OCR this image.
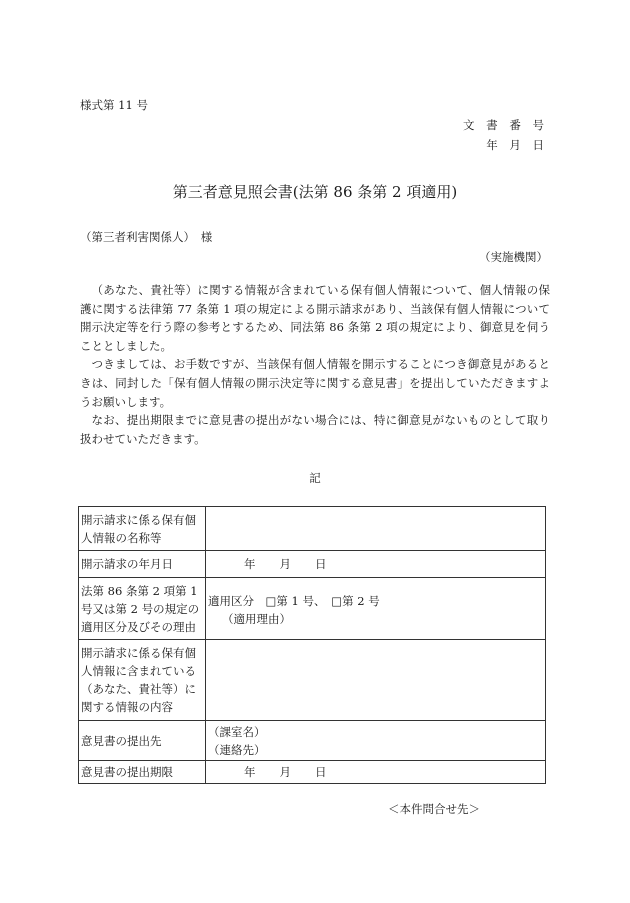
様式第 11 号
文 書 番 号
年 月 日
第三者意見照会書(法第 86 条第 2 項適用)
（第三者利害関係人）　様
（実施機関）

（あなた、貴社等）に関する情報が含まれている保有個人情報について、個人情報の保護に関する法律第 77 条第 1 項の規定による開示請求があり、当該保有個人情報について開示決定等を行う際の参考とするため、同法第 86 条第 2 項の規定により、御意見を伺うこととしました。

つきましては、お手数ですが、当該保有個人情報を開示することにつき御意見があるときは、同封した「保有個人情報の開示決定等に関する意見書」を提出していただきますようお願いします。

なお、提出期限までに意見書の提出がない場合には、特に御意見がないものとして取り扱わせていただきます。

記
開示請求に係る保有個人情報の名称等	
開示請求の年月日	年 月 日
法第 86 条第 2 項第 1 号又は第 2 号の規定の適用区分及びその理由	適用区分　□第 1 号、　□第 2 号
（適用理由）

開示請求に係る保有個人情報に含まれている（あなた、貴社等）に関する情報の内容	
意見書の提出先	（課室名）
（連絡先）

意見書の提出期限	年 月 日
＜本件問合せ先＞
